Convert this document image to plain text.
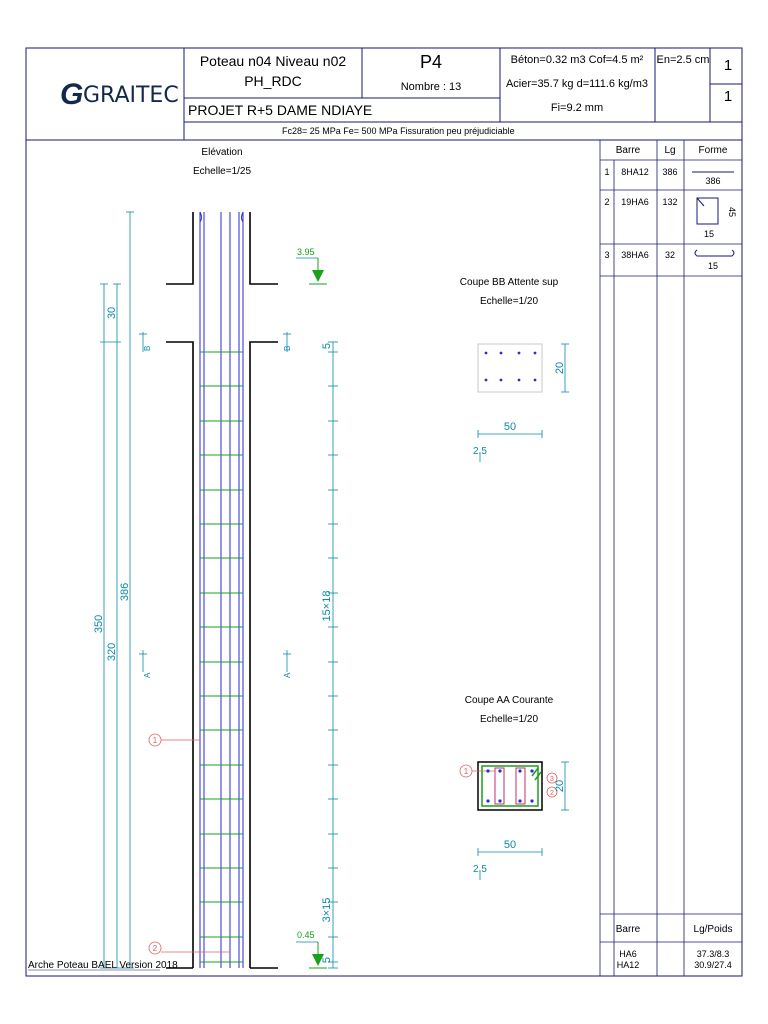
G GRAITEC
Poteau n04 Niveau n02
PH_RDC
PROJET R+5 DAME NDIAYE
P4
Nombre : 13
Béton=0.32 m3 Cof=4.5 m²
Acier=35.7 kg d=111.6 kg/m3
Fi=9.2 mm
En=2.5 cm 1
1
Fc28= 25 MPa Fe= 500 MPa Fissuration peu préjudiciable
Elévation
Echelle=1/25
30
350
320
386
B
A
B
A
3.95
0.45
5
15×18
3×15
5
1
2
Coupe BB Attente sup
Echelle=1/20
20
50
2.5
Coupe AA Courante
Echelle=1/20
1
3
2
20
50
2.5
Barre Lg Forme
1 8HA12 386
386
2 19HA6 132
45
15
3 38HA6 32
15
Barre	Lg/Poids
HA6	37.3/8.3
HA12	30.9/27.4
Arche Poteau BAEL Version 2018
